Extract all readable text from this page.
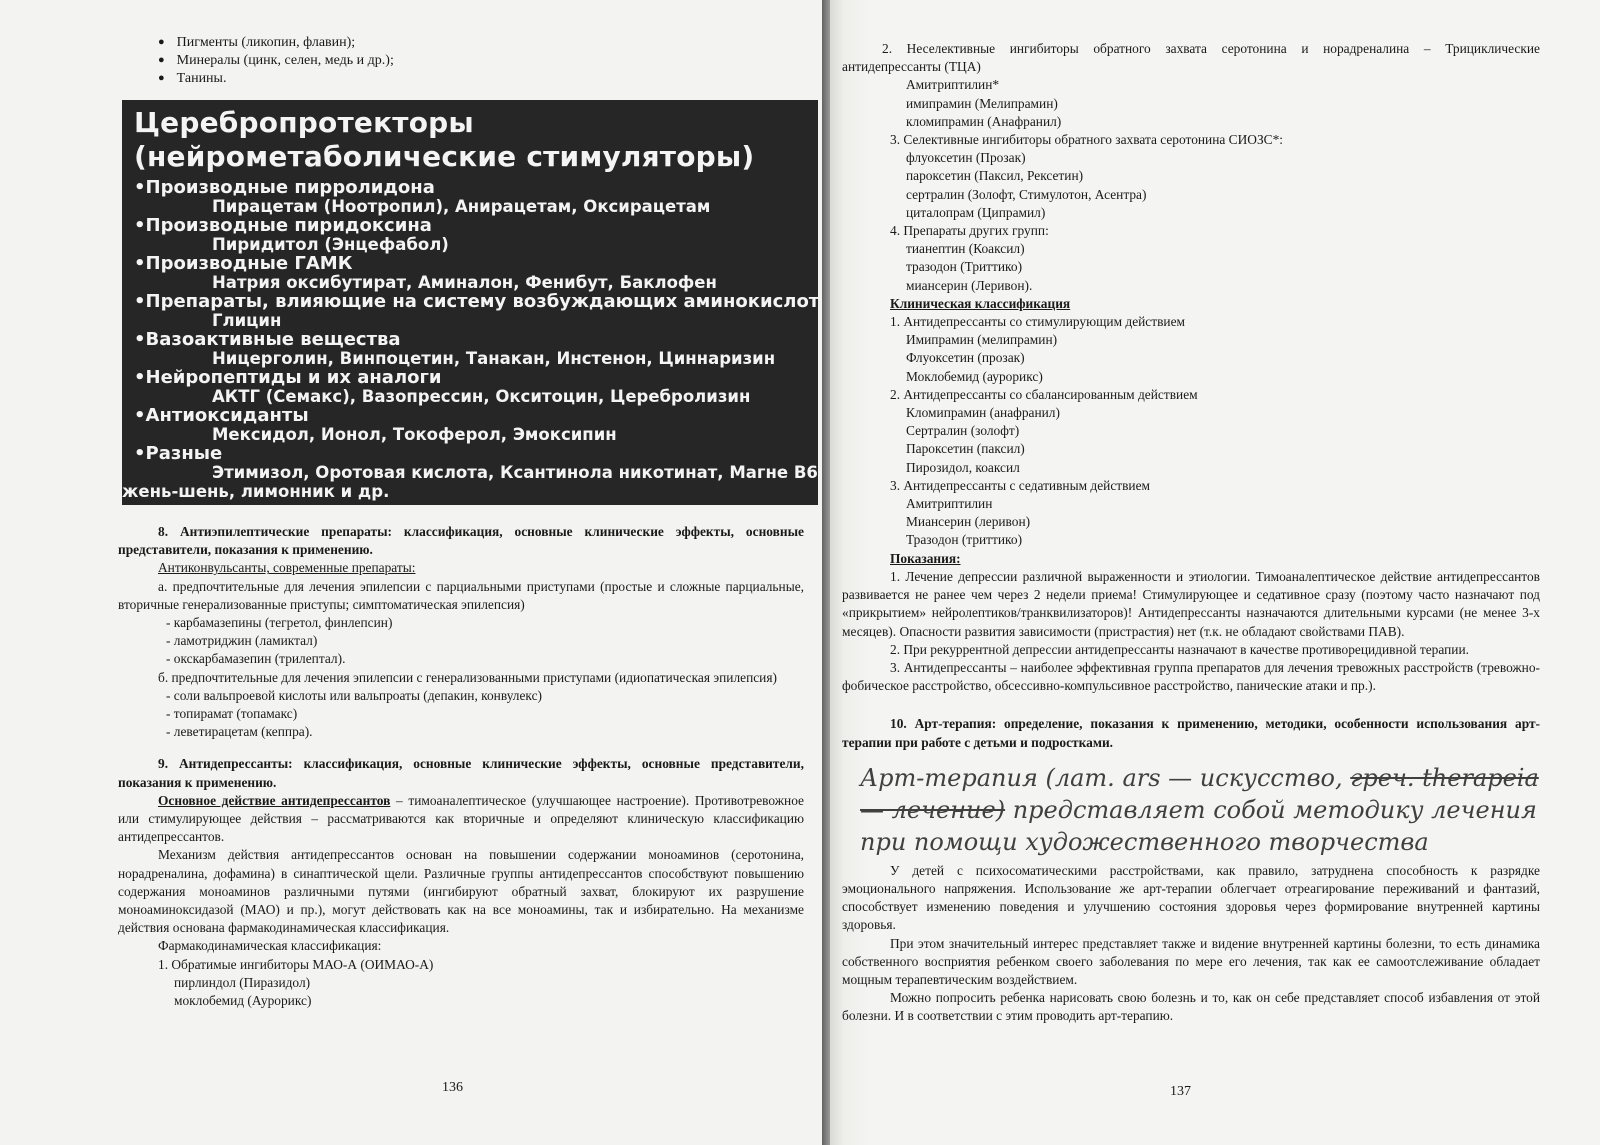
● Пигменты (ликопин, флавин);
● Минералы (цинк, селен, медь и др.);
● Танины.
Церебропротекторы
(нейрометаболические стимуляторы)
• Производные пирролидона
Пирацетам (Ноотропил), Анирацетам, Оксирацетам
• Производные пиридоксина
Пиридитол (Энцефабол)
• Производные ГАМК
Натрия оксибутират, Аминалон, Фенибут, Баклофен
• Препараты, влияющие на систему возбуждающих аминокислот
Глицин
• Вазоактивные вещества
Ницерголин, Винпоцетин, Танакан, Инстенон, Циннаризин
• Нейропептиды и их аналоги
АКТГ (Семакс), Вазопрессин, Окситоцин, Церебролизин
• Антиоксиданты
Мексидол, Ионол, Токоферол, Эмоксипин
• Разные
Этимизол, Оротовая кислота, Ксантинола никотинат, Магне В6
жень-шень, лимонник и др.

8. Антиэпилептические препараты: классификация, основные клинические эффекты, основные представители, показания к применению.

Антиконвульсанты, современные препараты:

а. предпочтительные для лечения эпилепсии с парциальными приступами (простые и сложные парциальные, вторичные генерализованные приступы; симптоматическая эпилепсия)

- карбамазепины (тегретол, финлепсин)

- ламотриджин (ламиктал)

- окскарбамазепин (трилептал).

б. предпочтительные для лечения эпилепсии с генерализованными приступами (идиопатическая эпилепсия)

- соли вальпроевой кислоты или вальпроаты (депакин, конвулекс)

- топирамат (топамакс)

- леветирацетам (кеппра).

9. Антидепрессанты: классификация, основные клинические эффекты, основные представители, показания к применению.

Основное действие антидепрессантов – тимоаналептическое (улучшающее настроение). Противотревожное или стимулирующее действия – рассматриваются как вторичные и определяют клиническую классификацию антидепрессантов.

Механизм действия антидепрессантов основан на повышении содержании моноаминов (серотонина, норадреналина, дофамина) в синаптической щели. Различные группы антидепрессантов способствуют повышению содержания моноаминов различными путями (ингибируют обратный захват, блокируют их разрушение моноаминоксидазой (МАО) и пр.), могут действовать как на все моноамины, так и избирательно. На механизме действия основана фармакодинамическая классификация.

Фармакодинамическая классификация:

1. Обратимые ингибиторы МАО-А (ОИМАО-А)

пирлиндол (Пиразидол)

моклобемид (Аурорикс)

136

2. Неселективные ингибиторы обратного захвата серотонина и норадреналина – Трициклические антидепрессанты (ТЦА)

Амитриптилин*

имипрамин (Мелипрамин)

кломипрамин (Анафранил)

3. Селективные ингибиторы обратного захвата серотонина СИОЗС*:

флуоксетин (Прозак)

пароксетин (Паксил, Рексетин)

сертралин (Золофт, Стимулотон, Асентра)

циталопрам (Ципрамил)

4. Препараты других групп:

тианептин (Коаксил)

тразодон (Триттико)

миансерин (Леривон).

Клиническая классификация

1. Антидепрессанты со стимулирующим действием

Имипрамин (мелипрамин)

Флуоксетин (прозак)

Моклобемид (аурорикс)

2. Антидепрессанты со сбалансированным действием

Кломипрамин (анафранил)

Сертралин (золофт)

Пароксетин (паксил)

Пирозидол, коаксил

3. Антидепрессанты с седативным действием

Амитриптилин

Миансерин (леривон)

Тразодон (триттико)

Показания:

1. Лечение депрессии различной выраженности и этиологии. Тимоаналептическое действие антидепрессантов развивается не ранее чем через 2 недели приема! Стимулирующее и седативное сразу (поэтому часто назначают под «прикрытием» нейролептиков/транквилизаторов)! Антидепрессанты назначаются длительными курсами (не менее 3-х месяцев). Опасности развития зависимости (пристрастия) нет (т.к. не обладают свойствами ПАВ).

2. При рекуррентной депрессии антидепрессанты назначают в качестве противорецидивной терапии.

3. Антидепрессанты – наиболее эффективная группа препаратов для лечения тревожных расстройств (тревожно-фобическое расстройство, обсессивно-компульсивное расстройство, панические атаки и пр.).

10. Арт-терапия: определение, показания к применению, методики, особенности использования арт-терапии при работе с детьми и подростками.

Арт-терапия (лат. ars — искусство, греч. therapeia — лечение) представляет собой методику лечения при помощи художественного творчества

У детей с психосоматическими расстройствами, как правило, затруднена способность к разрядке эмоционального напряжения. Использование же арт-терапии облегчает отреагирование переживаний и фантазий, способствует изменению поведения и улучшению состояния здоровья через формирование внутренней картины здоровья.

При этом значительный интерес представляет также и видение внутренней картины болезни, то есть динамика собственного восприятия ребенком своего заболевания по мере его лечения, так как ее самоотслеживание обладает мощным терапевтическим воздействием.

Можно попросить ребенка нарисовать свою болезнь и то, как он себе представляет способ избавления от этой болезни. И в соответствии с этим проводить арт-терапию.

137
